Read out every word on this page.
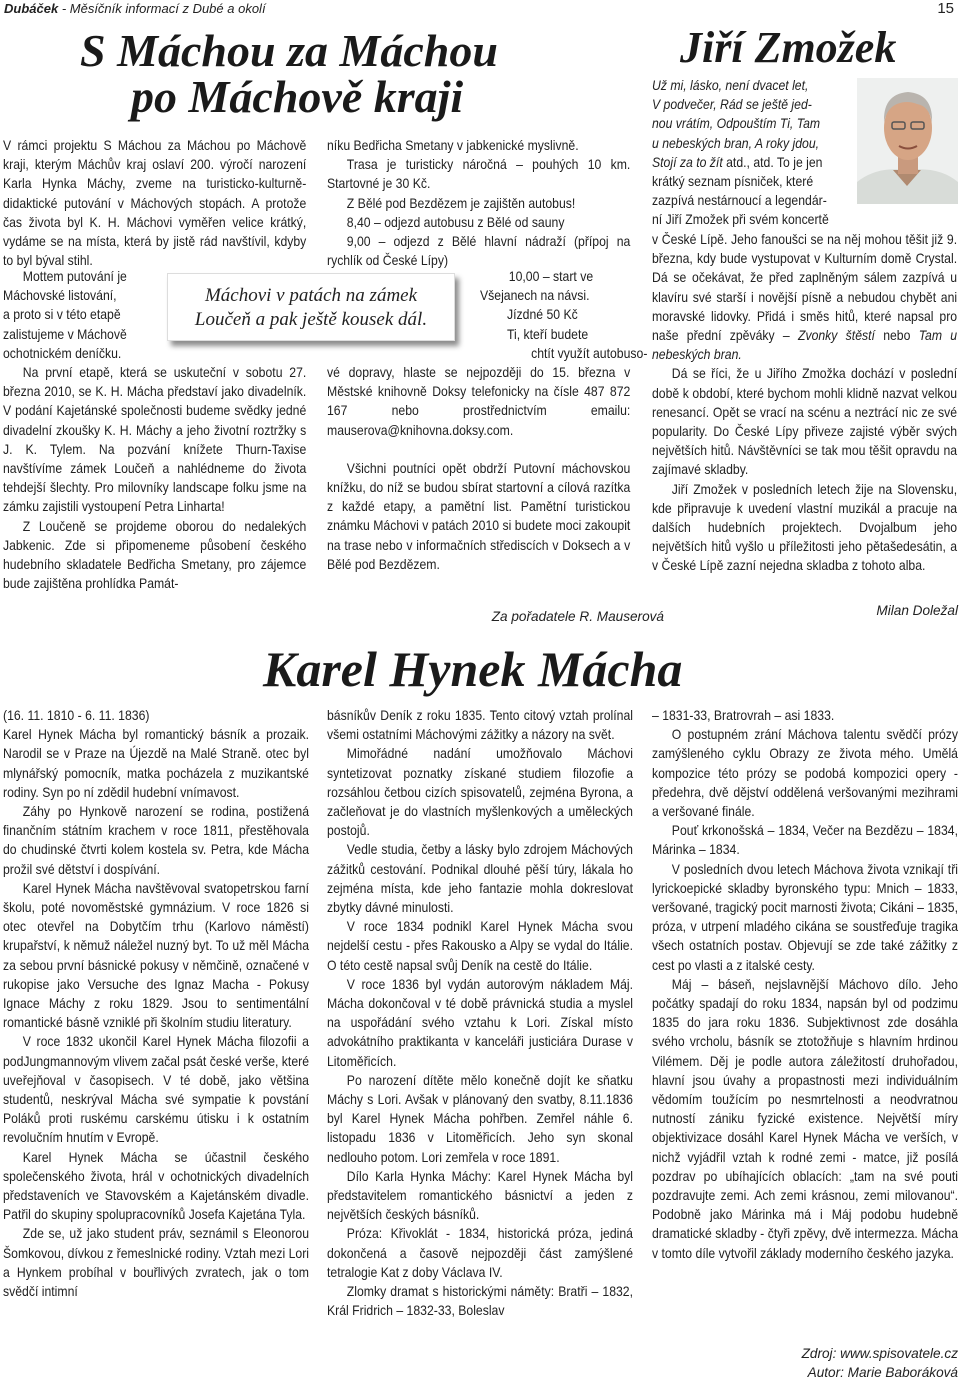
Dubáček - Měsíčník informací z Dubé a okolí	15
S Máchou za Máchou
po Máchově kraji

V rámci projektu S Máchou za Máchou po Máchově kraji, kterým Máchův kraj oslaví 200. výročí narození Karla Hynka Máchy, zveme na turisticko-kulturně-didaktické putování v Máchových stopách. A protože čas života byl K. H. Máchovi vyměřen velice krátký, vydáme se na místa, která by jistě rád navštívil, kdyby to byl býval stihl.

Mottem putování je

Máchovské listování,

a proto si v této etapě

zalistujeme v Máchově

ochotnickém deníčku.

Na první etapě, která se uskuteční v sobotu 27. března 2010, se K. H. Mácha představí jako divadelník. V podání Kajetánské společnosti budeme svědky jedné divadelní zkoušky K. H. Máchy a jeho životní roztržky s J. K. Tylem. Na pozvání knížete Thurn-Taxise navštívíme zámek Loučeň a nahlédneme do života tehdejší šlechty. Pro milovníky landscape folku jsme na zámku zajistili vystoupení Petra Linharta!

Z Loučeně se projdeme oborou do nedalekých Jabkenic. Zde si připomeneme působení českého hudebního skladatele Bedřicha Smetany, pro zájemce bude zajištěna prohlídka Památ-

Máchovi v patách na zámek
Loučeň a pak ještě kousek dál.

níku Bedřicha Smetany v jabkenické myslivně.

Trasa je turisticky náročná – pouhých 10 km. Startovné je 30 Kč.

Z Bělé pod Bezdězem je zajištěn autobus!

8,40 – odjezd autobusu z Bělé od sauny

9,00 – odjezd z Bělé hlavní nádraží (přípoj na rychlík od České Lípy)

10,00 – start ve

Všejanech na návsi.

Jízdné 50 Kč

Ti, kteří budete

chtít využít autobuso-

vé dopravy, hlaste se nejpozději do 15. března v Městské knihovně Doksy telefonicky na čísle 487 872 167 nebo prostřednictvím emailu: mauserova@knihovna.doksy.com.

Všichni poutníci opět obdrží Putovní máchovskou knížku, do níž se budou sbírat startovní a cílová razítka z každé etapy, a pamětní list. Pamětní turistickou známku Máchovi v patách 2010 si budete moci zakoupit na trase nebo v informačních střediscích v Doksech a v Bělé pod Bezdězem.

Za pořadatele R. Mauserová
Jiří Zmožek

Už mi, lásko, není dvacet let,

V podvečer, Rád se ještě jed-

nou vrátím, Odpouštím Ti, Tam

u nebeských bran, A roky jdou,

Stojí za to žít atd., atd. To je jen

krátký seznam písniček, které

zazpívá nestárnoucí a legendár-

ní Jiří Zmožek při svém koncertě

v České Lípě. Jeho fanoušci se na něj mohou těšit již 9. března, kdy bude vystupovat v Kulturním domě Crystal. Dá se očekávat, že před zaplněným sálem zazpívá u klavíru své starší i novější písně a nebudou chybět ani moravské lidovky. Přidá i směs hitů, které napsal pro naše přední zpěváky – Zvonky štěstí nebo Tam u nebeských bran.

Dá se říci, že u Jiřího Zmožka dochází v poslední době k období, které bychom mohli klidně nazvat velkou renesancí. Opět se vrací na scénu a neztrácí nic ze své popularity. Do České Lípy přiveze zajisté výběr svých největších hitů. Návštěvníci se tak mou těšit opravdu na zajímavé skladby.

Jiří Zmožek v posledních letech žije na Slovensku, kde připravuje k uvedení vlastní muzikál a pracuje na dalších hudebních projektech. Dvojalbum jeho největších hitů vyšlo u příležitosti jeho pětašedesátin, a v České Lípě zazní nejedna skladba z tohoto alba.

Milan Doležal
Karel Hynek Mácha

(16. 11. 1810 - 6. 11. 1836)

Karel Hynek Mácha byl romantický básník a prozaik. Narodil se v Praze na Újezdě na Malé Straně. otec byl mlynářský pomocník, matka pocházela z muzikantské rodiny. Syn po ní zdědil hudební vnímavost.

Záhy po Hynkově narození se rodina, postižená finančním státním krachem v roce 1811, přestěhovala do chudinské čtvrti kolem kostela sv. Petra, kde Mácha prožil své dětství i dospívání.

Karel Hynek Mácha navštěvoval svatopetrskou farní školu, poté novoměstské gymnázium. V roce 1826 si otec otevřel na Dobytčím trhu (Karlovo náměstí) krupařství, k němuž náležel nuzný byt. To už měl Mácha za sebou první básnické pokusy v němčině, označené v rukopise jako Versuche des Ignaz Macha - Pokusy Ignace Máchy z roku 1829. Jsou to sentimentální romantické básně vzniklé při školním studiu literatury.

V roce 1832 ukončil Karel Hynek Mácha filozofii a podJungmannovým vlivem začal psát české verše, které uveřejňoval v časopisech. V té době, jako většina studentů, neskrýval Máchа své sympatie k povstání Poláků proti ruskému carskému útisku i k ostatním revolučním hnutím v Evropě.

Karel Hynek Mácha se účastnil českého společenského života, hrál v ochotnických divadelních představeních ve Stavovském a Kajetánském divadle. Patřil do skupiny spolupracovníků Josefa Kajetána Tyla.

Zde se, už jako student práv, seznámil s Eleonorou Šomkovou, dívkou z řemeslnické rodiny. Vztah mezi Lori a Hynkem probíhal v bouřlivých zvratech, jak o tom svědčí intimní

básníkův Deník z roku 1835. Tento citový vztah prolínal všemi ostatními Máchovými zážitky a názory na svět.

Mimořádné nadání umožňovalo Máchovi syntetizovat poznatky získané studiem filozofie a rozsáhlou četbou cizích spisovatelů, zejména Byrona, a začleňovat je do vlastních myšlenkových a uměleckých postojů.

Vedle studia, četby a lásky bylo zdrojem Máchových zážitků cestování. Podnikal dlouhé pěší túry, lákala ho zejména místa, kde jeho fantazie mohla dokreslovat zbytky dávné minulosti.

V roce 1834 podnikl Karel Hynek Mácha svou nejdelší cestu - přes Rakousko a Alpy se vydal do Itálie. O této cestě napsal svůj Deník na cestě do Itálie.

V roce 1836 byl vydán autorovým nákladem Máj. Mácha dokončoval v té době právnická studia a myslel na uspořádání svého vztahu k Lori. Získal místo advokátního praktikanta v kanceláři justiciára Durase v Litoměřicích.

Po narození dítěte mělo konečně dojít ke sňatku Máchy s Lori. Avšak v plánovaný den svatby, 8.11.1836 byl Karel Hynek Mácha pohřben. Zemřel náhle 6. listopadu 1836 v Litoměřicích. Jeho syn skonal nedlouho potom. Lori zemřela v roce 1891.

Dílo Karla Hynka Máchy: Karel Hynek Mácha byl představitelem romantického básnictví a jeden z největších českých básníků.

Próza: Křivoklát - 1834, historická próza, jediná dokončená a časově nejpozději část zamýšlené tetralogie Kat z doby Václava IV.

Zlomky dramat s historickými náměty: Bratři – 1832, Král Fridrich – 1832-33, Boleslav

– 1831-33, Bratrovrah – asi 1833.

O postupném zrání Máchova talentu svědčí prózy zamýšleného cyklu Obrazy ze života mého. Umělá kompozice této prózy se podobá kompozici opery - předehra, dvě dějství oddělená veršovanými mezihrami a veršované finále.

Pouť krkonošská – 1834, Večer na Bezdězu – 1834, Márinka – 1834.

V posledních dvou letech Máchova života vznikají tři lyrickoepické skladby byronského typu: Mnich – 1833, veršované, tragický pocit marnosti života; Cikáni – 1835, próza, v utrpení mladého cikána se soustřeďuje tragika všech ostatních postav. Objevují se zde také zážitky z cest po vlasti a z italské cesty.

Máj – báseň, nejslavnější Máchovo dílo. Jeho počátky spadají do roku 1834, napsán byl od podzimu 1835 do jara roku 1836. Subjektivnost zde dosáhla svého vrcholu, básník se ztotožňuje s hlavním hrdinou Vilémem. Děj je podle autora záležitostí druhořadou, hlavní jsou úvahy a propastnosti mezi individuálním vědomím toužícím po nesmrtelnosti a neodvratnou nutností zániku fyzické existence. Největší míry objektivizace dosáhl Karel Hynek Mácha ve verších, v nichž vyjádřil vztah k rodné zemi - matce, již posílá pozdrav po ubíhajících oblacích: „tam na své pouti pozdravujte zemi. Ach zemi krásnou, zemi milovanou“. Podobně jako Márinka má i Máj podobu hudebně dramatické skladby - čtyři zpěvy, dvě intermezza. Mácha v tomto díle vytvořil základy moderního českého jazyka.

Zdroj: www.spisovatele.cz
Autor: Marie Baboráková
